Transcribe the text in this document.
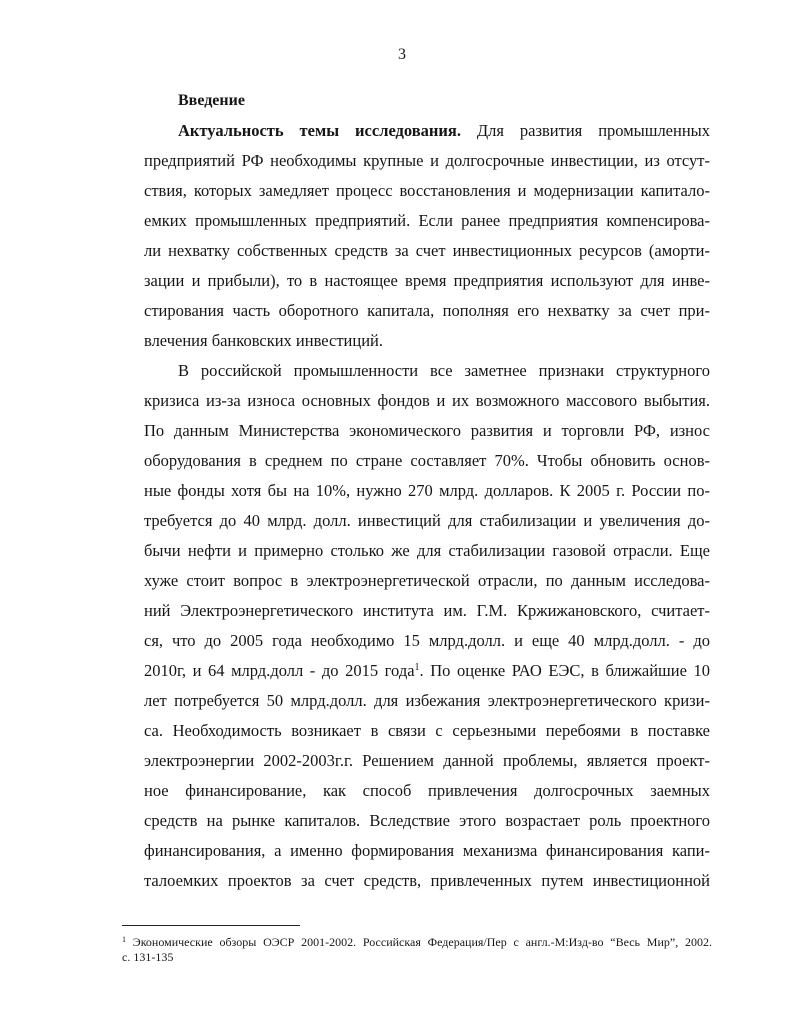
3
Введение
Актуальность темы исследования. Для развития промышленных
предприятий РФ необходимы крупные и долгосрочные инвестиции, из отсут-
ствия, которых замедляет процесс восстановления и модернизации капитало-
емких промышленных предприятий. Если ранее предприятия компенсирова-
ли нехватку собственных средств за счет инвестиционных ресурсов (аморти-
зации и прибыли), то в настоящее время предприятия используют для инве-
стирования часть оборотного капитала, пополняя его нехватку за счет при-
влечения банковских инвестиций.
В российской промышленности все заметнее признаки структурного
кризиса из-за износа основных фондов и их возможного массового выбытия.
По данным Министерства экономического развития и торговли РФ, износ
оборудования в среднем по стране составляет 70%. Чтобы обновить основ-
ные фонды хотя бы на 10%, нужно 270 млрд. долларов. К 2005 г. России по-
требуется до 40 млрд. долл. инвестиций для стабилизации и увеличения до-
бычи нефти и примерно столько же для стабилизации газовой отрасли. Еще
хуже стоит вопрос в электроэнергетической отрасли, по данным исследова-
ний Электроэнергетического института им. Г.М. Кржижановского, считает-
ся, что до 2005 года необходимо 15 млрд.долл. и еще 40 млрд.долл. - до
2010г, и 64 млрд.долл - до 2015 года$^1$. По оценке РАО ЕЭС, в ближайшие 10
лет потребуется 50 млрд.долл. для избежания электроэнергетического кризи-
са. Необходимость возникает в связи с серьезными перебоями в поставке
электроэнергии 2002-2003г.г. Решением данной проблемы, является проект-
ное финансирование, как способ привлечения долгосрочных заемных
средств на рынке капиталов. Вследствие этого возрастает роль проектного
финансирования, а именно формирования механизма финансирования капи-
талоемких проектов за счет средств, привлеченных путем инвестиционной
$^1$ Экономические обзоры ОЭСР 2001-2002. Российская Федерация/Пер с англ.-М:Изд-во “Весь Мир”, 2002.
с. 131-135
